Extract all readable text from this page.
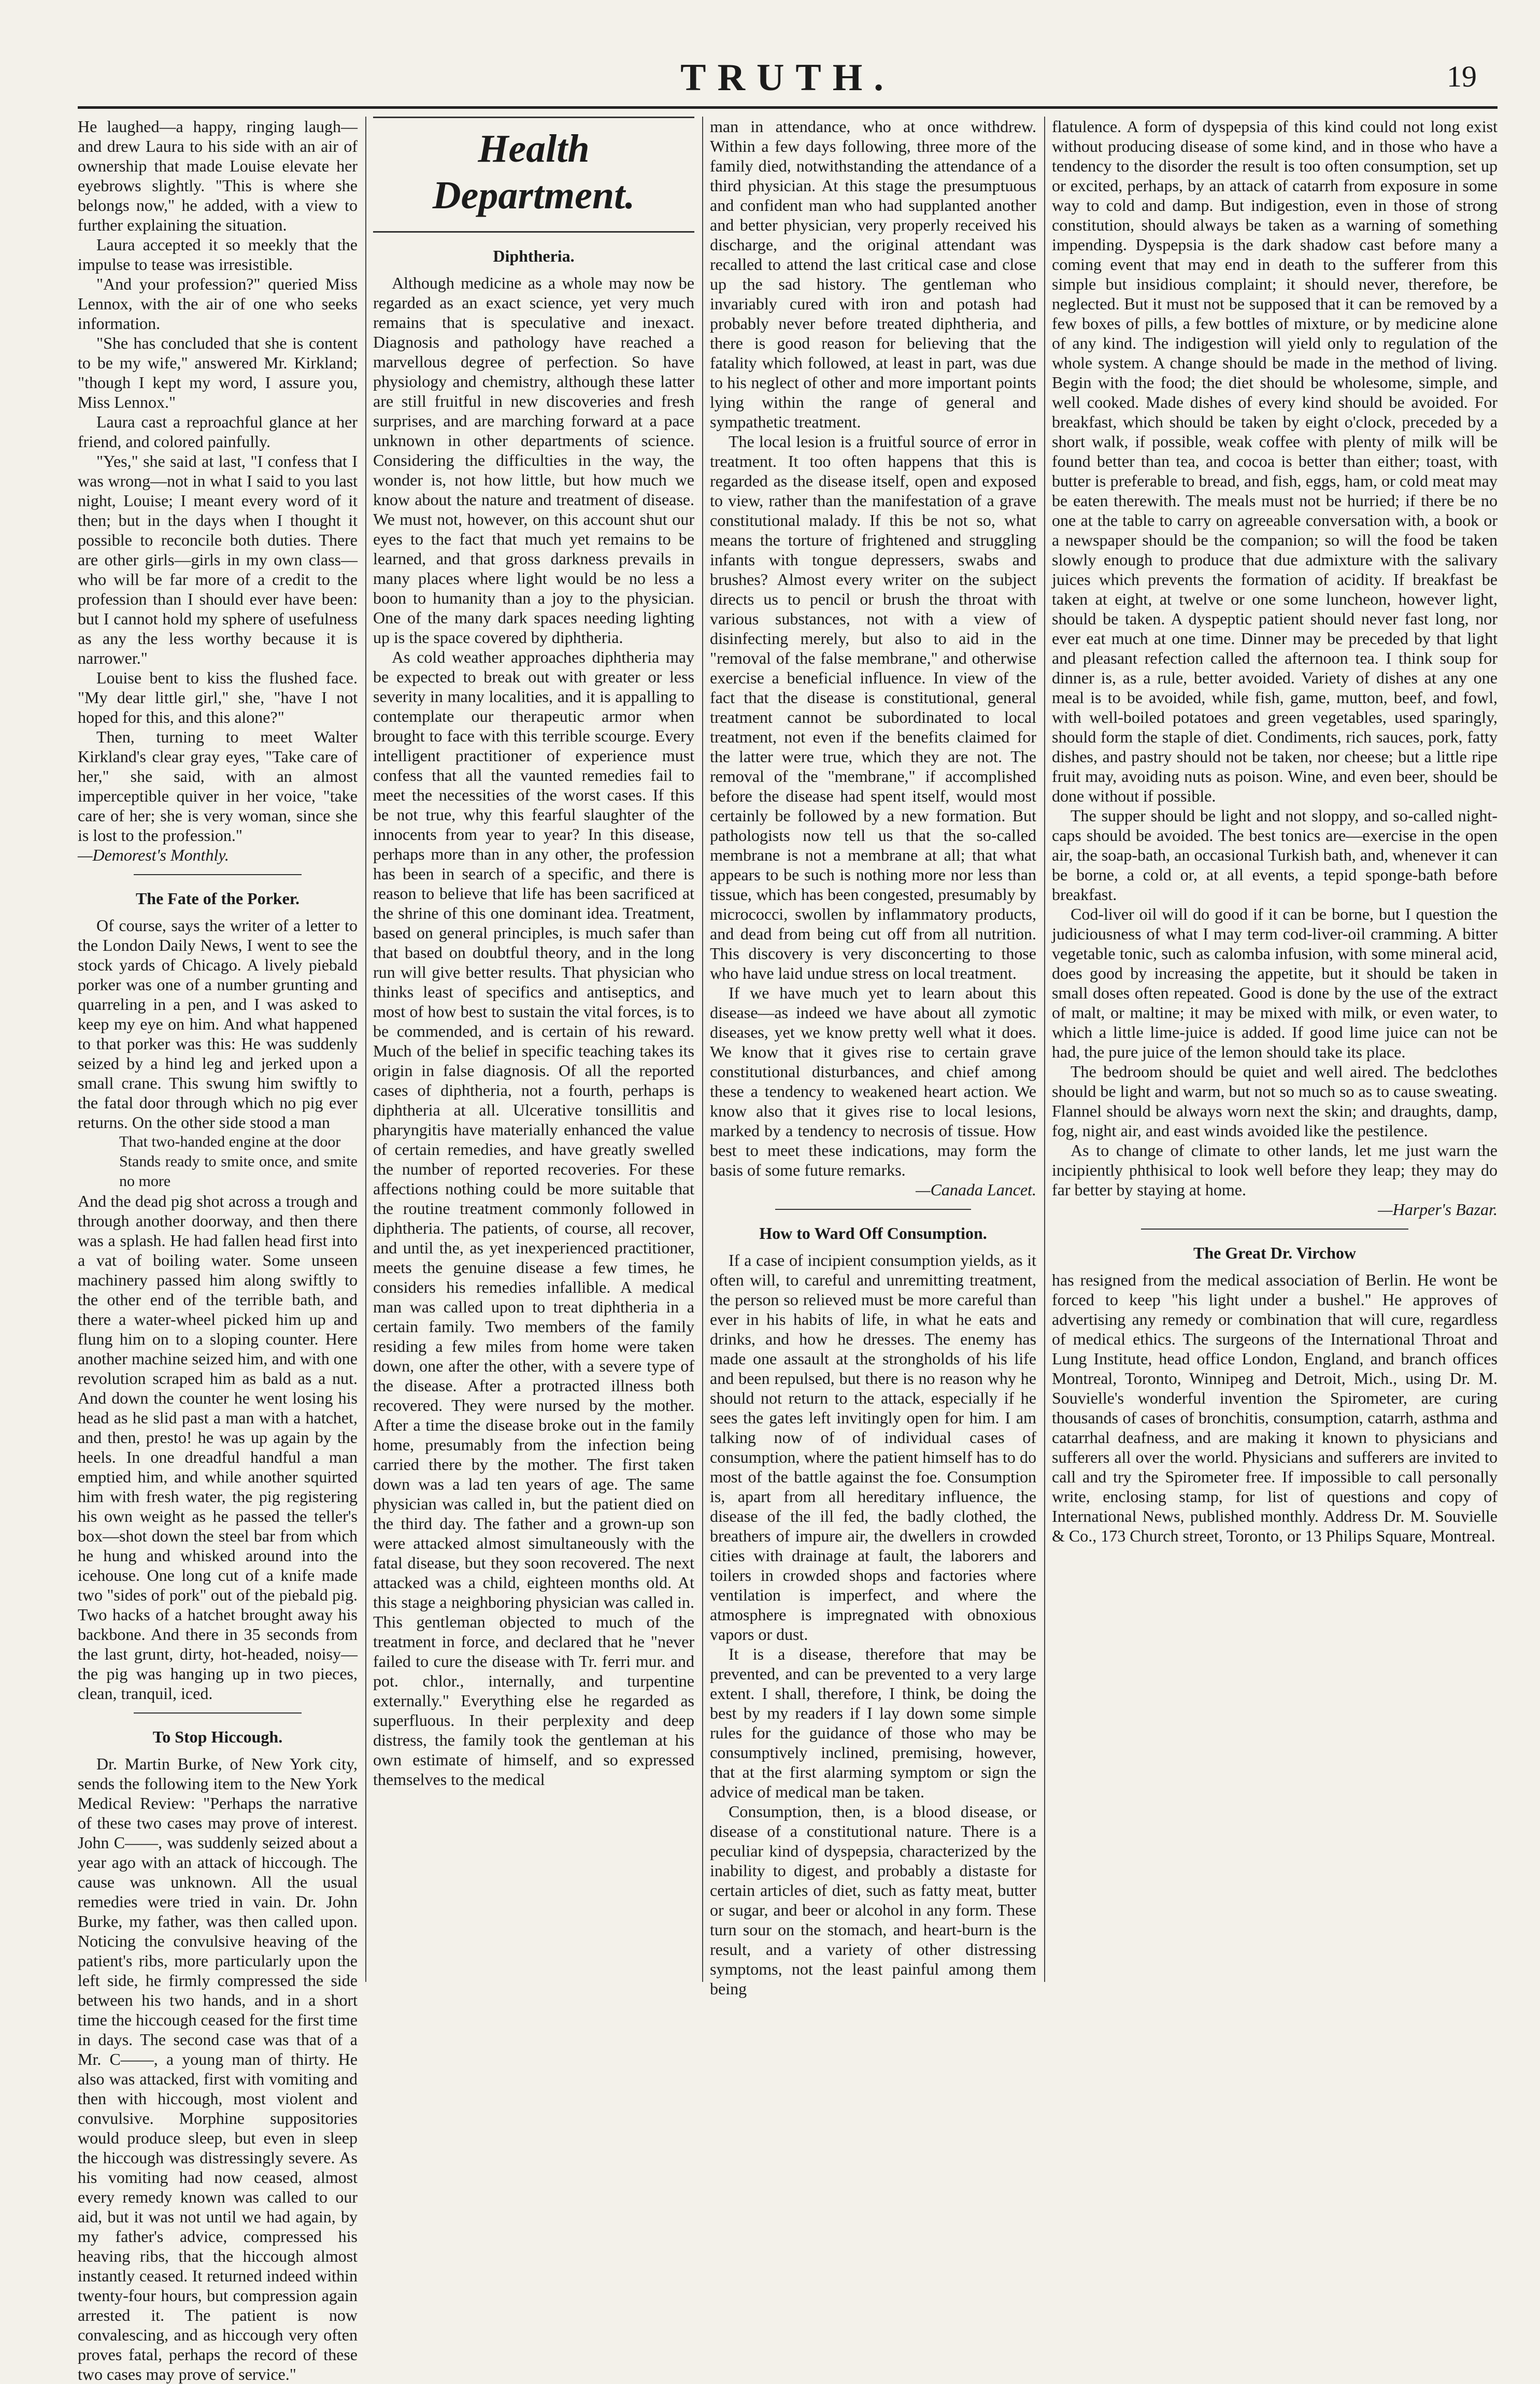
TRUTH.	19

He laughed—a happy, ringing laugh—and drew Laura to his side with an air of ownership that made Louise elevate her eyebrows slightly. "This is where she belongs now," he added, with a view to further explaining the situation.

Laura accepted it so meekly that the impulse to tease was irresistible.

"And your profession?" queried Miss Lennox, with the air of one who seeks information.

"She has concluded that she is content to be my wife," answered Mr. Kirkland; "though I kept my word, I assure you, Miss Lennox."

Laura cast a reproachful glance at her friend, and colored painfully.

"Yes," she said at last, "I confess that I was wrong—not in what I said to you last night, Louise; I meant every word of it then; but in the days when I thought it possible to reconcile both duties. There are other girls—girls in my own class—who will be far more of a credit to the profession than I should ever have been: but I cannot hold my sphere of usefulness as any the less worthy because it is narrower."

Louise bent to kiss the flushed face. "My dear little girl," she, "have I not hoped for this, and this alone?"

Then, turning to meet Walter Kirkland's clear gray eyes, "Take care of her," she said, with an almost imperceptible quiver in her voice, "take care of her; she is very woman, since she is lost to the profession."

—Demorest's Monthly.

The Fate of the Porker.

Of course, says the writer of a letter to the London Daily News, I went to see the stock yards of Chicago. A lively piebald porker was one of a number grunting and quarreling in a pen, and I was asked to keep my eye on him. And what happened to that porker was this: He was suddenly seized by a hind leg and jerked upon a small crane. This swung him swiftly to the fatal door through which no pig ever returns. On the other side stood a man

That two-handed engine at the door
Stands ready to smite once, and smite no more

And the dead pig shot across a trough and through another doorway, and then there was a splash. He had fallen head first into a vat of boiling water. Some unseen machinery passed him along swiftly to the other end of the terrible bath, and there a water-wheel picked him up and flung him on to a sloping counter. Here another machine seized him, and with one revolution scraped him as bald as a nut. And down the counter he went losing his head as he slid past a man with a hatchet, and then, presto! he was up again by the heels. In one dreadful handful a man emptied him, and while another squirted him with fresh water, the pig registering his own weight as he passed the teller's box—shot down the steel bar from which he hung and whisked around into the icehouse. One long cut of a knife made two "sides of pork" out of the piebald pig. Two hacks of a hatchet brought away his backbone. And there in 35 seconds from the last grunt, dirty, hot-headed, noisy—the pig was hanging up in two pieces, clean, tranquil, iced.

To Stop Hiccough.

Dr. Martin Burke, of New York city, sends the following item to the New York Medical Review: "Perhaps the narrative of these two cases may prove of interest. John C——, was suddenly seized about a year ago with an attack of hiccough. The cause was unknown. All the usual remedies were tried in vain. Dr. John Burke, my father, was then called upon. Noticing the convulsive heaving of the patient's ribs, more particularly upon the left side, he firmly compressed the side between his two hands, and in a short time the hiccough ceased for the first time in days. The second case was that of a Mr. C——, a young man of thirty. He also was attacked, first with vomiting and then with hiccough, most violent and convulsive. Morphine suppositories would produce sleep, but even in sleep the hiccough was distressingly severe. As his vomiting had now ceased, almost every remedy known was called to our aid, but it was not until we had again, by my father's advice, compressed his heaving ribs, that the hiccough almost instantly ceased. It returned indeed within twenty-four hours, but compression again arrested it. The patient is now convalescing, and as hiccough very often proves fatal, perhaps the record of these two cases may prove of service."

Health Department.
Diphtheria.

Although medicine as a whole may now be regarded as an exact science, yet very much remains that is speculative and inexact. Diagnosis and pathology have reached a marvellous degree of perfection. So have physiology and chemistry, although these latter are still fruitful in new discoveries and fresh surprises, and are marching forward at a pace unknown in other departments of science. Considering the difficulties in the way, the wonder is, not how little, but how much we know about the nature and treatment of disease. We must not, however, on this account shut our eyes to the fact that much yet remains to be learned, and that gross darkness prevails in many places where light would be no less a boon to humanity than a joy to the physician. One of the many dark spaces needing lighting up is the space covered by diphtheria.

As cold weather approaches diphtheria may be expected to break out with greater or less severity in many localities, and it is appalling to contemplate our therapeutic armor when brought to face with this terrible scourge. Every intelligent practitioner of experience must confess that all the vaunted remedies fail to meet the necessities of the worst cases. If this be not true, why this fearful slaughter of the innocents from year to year? In this disease, perhaps more than in any other, the profession has been in search of a specific, and there is reason to believe that life has been sacrificed at the shrine of this one dominant idea. Treatment, based on general principles, is much safer than that based on doubtful theory, and in the long run will give better results. That physician who thinks least of specifics and antiseptics, and most of how best to sustain the vital forces, is to be commended, and is certain of his reward. Much of the belief in specific teaching takes its origin in false diagnosis. Of all the reported cases of diphtheria, not a fourth, perhaps is diphtheria at all. Ulcerative tonsillitis and pharyngitis have materially enhanced the value of certain remedies, and have greatly swelled the number of reported recoveries. For these affections nothing could be more suitable that the routine treatment commonly followed in diphtheria. The patients, of course, all recover, and until the, as yet inexperienced practitioner, meets the genuine disease a few times, he considers his remedies infallible. A medical man was called upon to treat diphtheria in a certain family. Two members of the family residing a few miles from home were taken down, one after the other, with a severe type of the disease. After a protracted illness both recovered. They were nursed by the mother. After a time the disease broke out in the family home, presumably from the infection being carried there by the mother. The first taken down was a lad ten years of age. The same physician was called in, but the patient died on the third day. The father and a grown-up son were attacked almost simultaneously with the fatal disease, but they soon recovered. The next attacked was a child, eighteen months old. At this stage a neighboring physician was called in. This gentleman objected to much of the treatment in force, and declared that he "never failed to cure the disease with Tr. ferri mur. and pot. chlor., internally, and turpentine externally." Everything else he regarded as superfluous. In their perplexity and deep distress, the family took the gentleman at his own estimate of himself, and so expressed themselves to the medical

man in attendance, who at once withdrew. Within a few days following, three more of the family died, notwithstanding the attendance of a third physician. At this stage the presumptuous and confident man who had supplanted another and better physician, very properly received his discharge, and the original attendant was recalled to attend the last critical case and close up the sad history. The gentleman who invariably cured with iron and potash had probably never before treated diphtheria, and there is good reason for believing that the fatality which followed, at least in part, was due to his neglect of other and more important points lying within the range of general and sympathetic treatment.

The local lesion is a fruitful source of error in treatment. It too often happens that this is regarded as the disease itself, open and exposed to view, rather than the manifestation of a grave constitutional malady. If this be not so, what means the torture of frightened and struggling infants with tongue depressers, swabs and brushes? Almost every writer on the subject directs us to pencil or brush the throat with various substances, not with a view of disinfecting merely, but also to aid in the "removal of the false membrane," and otherwise exercise a beneficial influence. In view of the fact that the disease is constitutional, general treatment cannot be subordinated to local treatment, not even if the benefits claimed for the latter were true, which they are not. The removal of the "membrane," if accomplished before the disease had spent itself, would most certainly be followed by a new formation. But pathologists now tell us that the so-called membrane is not a membrane at all; that what appears to be such is nothing more nor less than tissue, which has been congested, presumably by micrococci, swollen by inflammatory products, and dead from being cut off from all nutrition. This discovery is very disconcerting to those who have laid undue stress on local treatment.

If we have much yet to learn about this disease—as indeed we have about all zymotic diseases, yet we know pretty well what it does. We know that it gives rise to certain grave constitutional disturbances, and chief among these a tendency to weakened heart action. We know also that it gives rise to local lesions, marked by a tendency to necrosis of tissue. How best to meet these indications, may form the basis of some future remarks.

—Canada Lancet.

How to Ward Off Consumption.

If a case of incipient consumption yields, as it often will, to careful and unremitting treatment, the person so relieved must be more careful than ever in his habits of life, in what he eats and drinks, and how he dresses. The enemy has made one assault at the strongholds of his life and been repulsed, but there is no reason why he should not return to the attack, especially if he sees the gates left invitingly open for him. I am talking now of of individual cases of consumption, where the patient himself has to do most of the battle against the foe. Consumption is, apart from all hereditary influence, the disease of the ill fed, the badly clothed, the breathers of impure air, the dwellers in crowded cities with drainage at fault, the laborers and toilers in crowded shops and factories where ventilation is imperfect, and where the atmosphere is impregnated with obnoxious vapors or dust.

It is a disease, therefore that may be prevented, and can be prevented to a very large extent. I shall, therefore, I think, be doing the best by my readers if I lay down some simple rules for the guidance of those who may be consumptively inclined, premising, however, that at the first alarming symptom or sign the advice of medical man be taken.

Consumption, then, is a blood disease, or disease of a constitutional nature. There is a peculiar kind of dyspepsia, characterized by the inability to digest, and probably a distaste for certain articles of diet, such as fatty meat, butter or sugar, and beer or alcohol in any form. These turn sour on the stomach, and heart-burn is the result, and a variety of other distressing symptoms, not the least painful among them being

flatulence. A form of dyspepsia of this kind could not long exist without producing disease of some kind, and in those who have a tendency to the disorder the result is too often consumption, set up or excited, perhaps, by an attack of catarrh from exposure in some way to cold and damp. But indigestion, even in those of strong constitution, should always be taken as a warning of something impending. Dyspepsia is the dark shadow cast before many a coming event that may end in death to the sufferer from this simple but insidious complaint; it should never, therefore, be neglected. But it must not be supposed that it can be removed by a few boxes of pills, a few bottles of mixture, or by medicine alone of any kind. The indigestion will yield only to regulation of the whole system. A change should be made in the method of living. Begin with the food; the diet should be wholesome, simple, and well cooked. Made dishes of every kind should be avoided. For breakfast, which should be taken by eight o'clock, preceded by a short walk, if possible, weak coffee with plenty of milk will be found better than tea, and cocoa is better than either; toast, with butter is preferable to bread, and fish, eggs, ham, or cold meat may be eaten therewith. The meals must not be hurried; if there be no one at the table to carry on agreeable conversation with, a book or a newspaper should be the companion; so will the food be taken slowly enough to produce that due admixture with the salivary juices which prevents the formation of acidity. If breakfast be taken at eight, at twelve or one some luncheon, however light, should be taken. A dyspeptic patient should never fast long, nor ever eat much at one time. Dinner may be preceded by that light and pleasant refection called the afternoon tea. I think soup for dinner is, as a rule, better avoided. Variety of dishes at any one meal is to be avoided, while fish, game, mutton, beef, and fowl, with well-boiled potatoes and green vegetables, used sparingly, should form the staple of diet. Condiments, rich sauces, pork, fatty dishes, and pastry should not be taken, nor cheese; but a little ripe fruit may, avoiding nuts as poison. Wine, and even beer, should be done without if possible.

The supper should be light and not sloppy, and so-called night-caps should be avoided. The best tonics are—exercise in the open air, the soap-bath, an occasional Turkish bath, and, whenever it can be borne, a cold or, at all events, a tepid sponge-bath before breakfast.

Cod-liver oil will do good if it can be borne, but I question the judiciousness of what I may term cod-liver-oil cramming. A bitter vegetable tonic, such as calomba infusion, with some mineral acid, does good by increasing the appetite, but it should be taken in small doses often repeated. Good is done by the use of the extract of malt, or maltine; it may be mixed with milk, or even water, to which a little lime-juice is added. If good lime juice can not be had, the pure juice of the lemon should take its place.

The bedroom should be quiet and well aired. The bedclothes should be light and warm, but not so much so as to cause sweating. Flannel should be always worn next the skin; and draughts, damp, fog, night air, and east winds avoided like the pestilence.

As to change of climate to other lands, let me just warn the incipiently phthisical to look well before they leap; they may do far better by staying at home.

—Harper's Bazar.

The Great Dr. Virchow

has resigned from the medical association of Berlin. He wont be forced to keep "his light under a bushel." He approves of advertising any remedy or combination that will cure, regardless of medical ethics. The surgeons of the International Throat and Lung Institute, head office London, England, and branch offices Montreal, Toronto, Winnipeg and Detroit, Mich., using Dr. M. Souvielle's wonderful invention the Spirometer, are curing thousands of cases of bronchitis, consumption, catarrh, asthma and catarrhal deafness, and are making it known to physicians and sufferers all over the world. Physicians and sufferers are invited to call and try the Spirometer free. If impossible to call personally write, enclosing stamp, for list of questions and copy of International News, published monthly. Address Dr. M. Souvielle & Co., 173 Church street, Toronto, or 13 Philips Square, Montreal.
